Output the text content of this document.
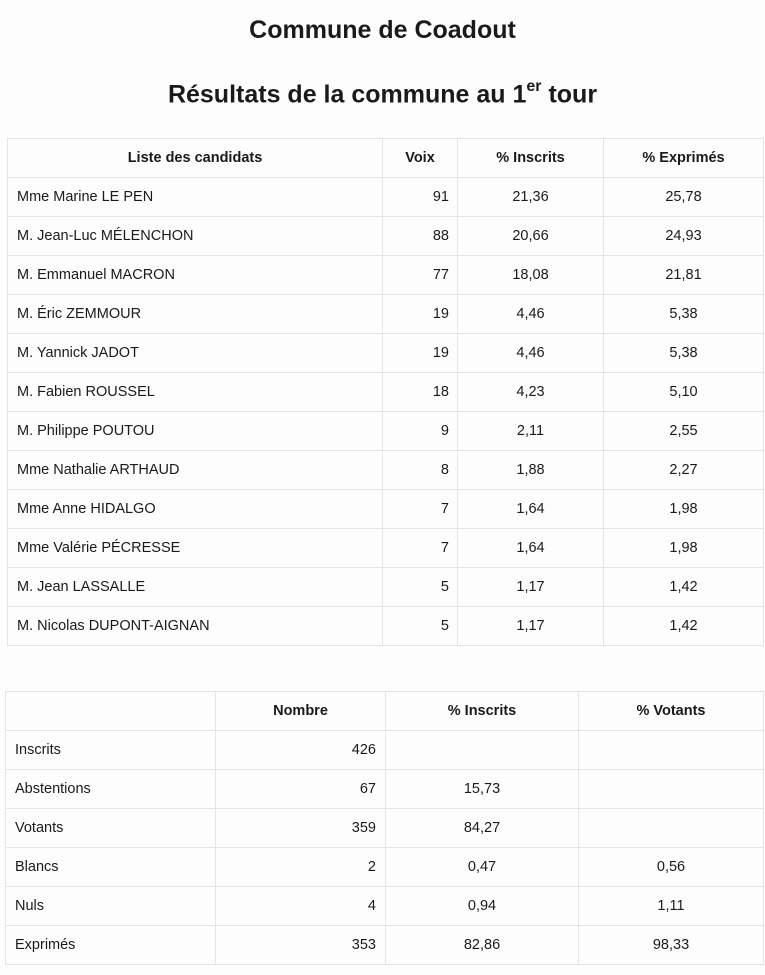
Commune de Coadout
Résultats de la commune au 1er tour
Liste des candidats	Voix	% Inscrits	% Exprimés
Mme Marine LE PEN	91	21,36	25,78
M. Jean-Luc MÉLENCHON	88	20,66	24,93
M. Emmanuel MACRON	77	18,08	21,81
M. Éric ZEMMOUR	19	4,46	5,38
M. Yannick JADOT	19	4,46	5,38
M. Fabien ROUSSEL	18	4,23	5,10
M. Philippe POUTOU	9	2,11	2,55
Mme Nathalie ARTHAUD	8	1,88	2,27
Mme Anne HIDALGO	7	1,64	1,98
Mme Valérie PÉCRESSE	7	1,64	1,98
M. Jean LASSALLE	5	1,17	1,42
M. Nicolas DUPONT-AIGNAN	5	1,17	1,42
	Nombre	% Inscrits	% Votants
Inscrits	426		
Abstentions	67	15,73	
Votants	359	84,27	
Blancs	2	0,47	0,56
Nuls	4	0,94	1,11
Exprimés	353	82,86	98,33
